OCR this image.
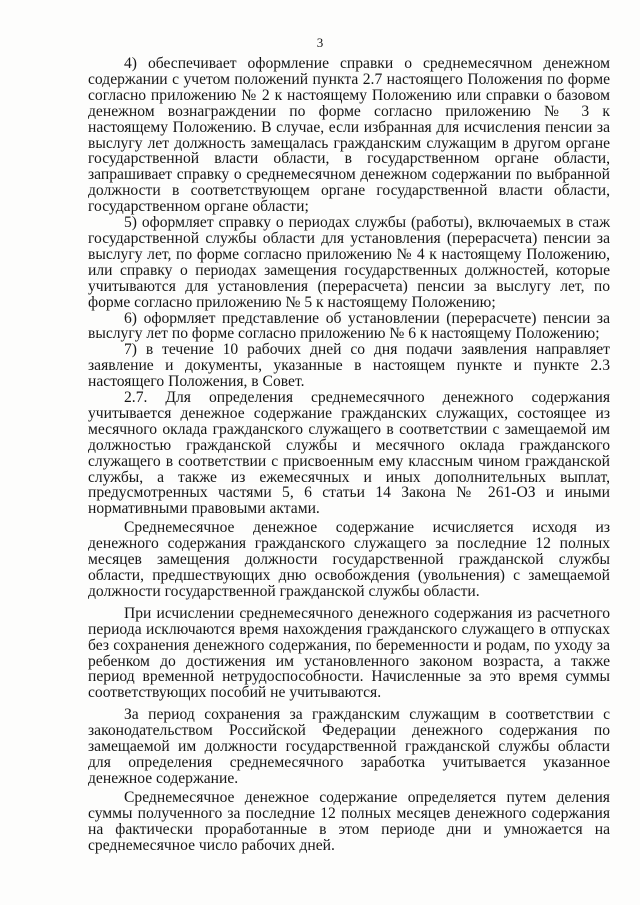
3

4) обеспечивает оформление справки о среднемесячном денежном содержании с учетом положений пункта 2.7 настоящего Положения по форме согласно приложению № 2 к настоящему Положению или справки о базовом денежном вознаграждении по форме согласно приложению № 3 к настоящему Положению. В случае, если избранная для исчисления пенсии за выслугу лет должность замещалась гражданским служащим в другом органе государственной власти области, в государственном органе области, запрашивает справку о среднемесячном денежном содержании по выбранной должности в соответствующем органе государственной власти области, государственном органе области;

5) оформляет справку о периодах службы (работы), включаемых в стаж государственной службы области для установления (перерасчета) пенсии за выслугу лет, по форме согласно приложению № 4 к настоящему Положению, или справку о периодах замещения государственных должностей, которые учитываются для установления (перерасчета) пенсии за выслугу лет, по форме согласно приложению № 5 к настоящему Положению;

6) оформляет представление об установлении (перерасчете) пенсии за выслугу лет по форме согласно приложению № 6 к настоящему Положению;

7) в течение 10 рабочих дней со дня подачи заявления направляет заявление и документы, указанные в настоящем пункте и пункте 2.3 настоящего Положения, в Совет.

2.7. Для определения среднемесячного денежного содержания учитывается денежное содержание гражданских служащих, состоящее из месячного оклада гражданского служащего в соответствии с замещаемой им должностью гражданской службы и месячного оклада гражданского служащего в соответствии с присвоенным ему классным чином гражданской службы, а также из ежемесячных и иных дополнительных выплат, предусмотренных частями 5, 6 статьи 14 Закона № 261-ОЗ и иными нормативными правовыми актами.

Среднемесячное денежное содержание исчисляется исходя из денежного содержания гражданского служащего за последние 12 полных месяцев замещения должности государственной гражданской службы области, предшествующих дню освобождения (увольнения) с замещаемой должности государственной гражданской службы области.

При исчислении среднемесячного денежного содержания из расчетного периода исключаются время нахождения гражданского служащего в отпусках без сохранения денежного содержания, по беременности и родам, по уходу за ребенком до достижения им установленного законом возраста, а также период временной нетрудоспособности. Начисленные за это время суммы соответствующих пособий не учитываются.

За период сохранения за гражданским служащим в соответствии с законодательством Российской Федерации денежного содержания по замещаемой им должности государственной гражданской службы области для определения среднемесячного заработка учитывается указанное денежное содержание.

Среднемесячное денежное содержание определяется путем деления суммы полученного за последние 12 полных месяцев денежного содержания на фактически проработанные в этом периоде дни и умножается на среднемесячное число рабочих дней.
